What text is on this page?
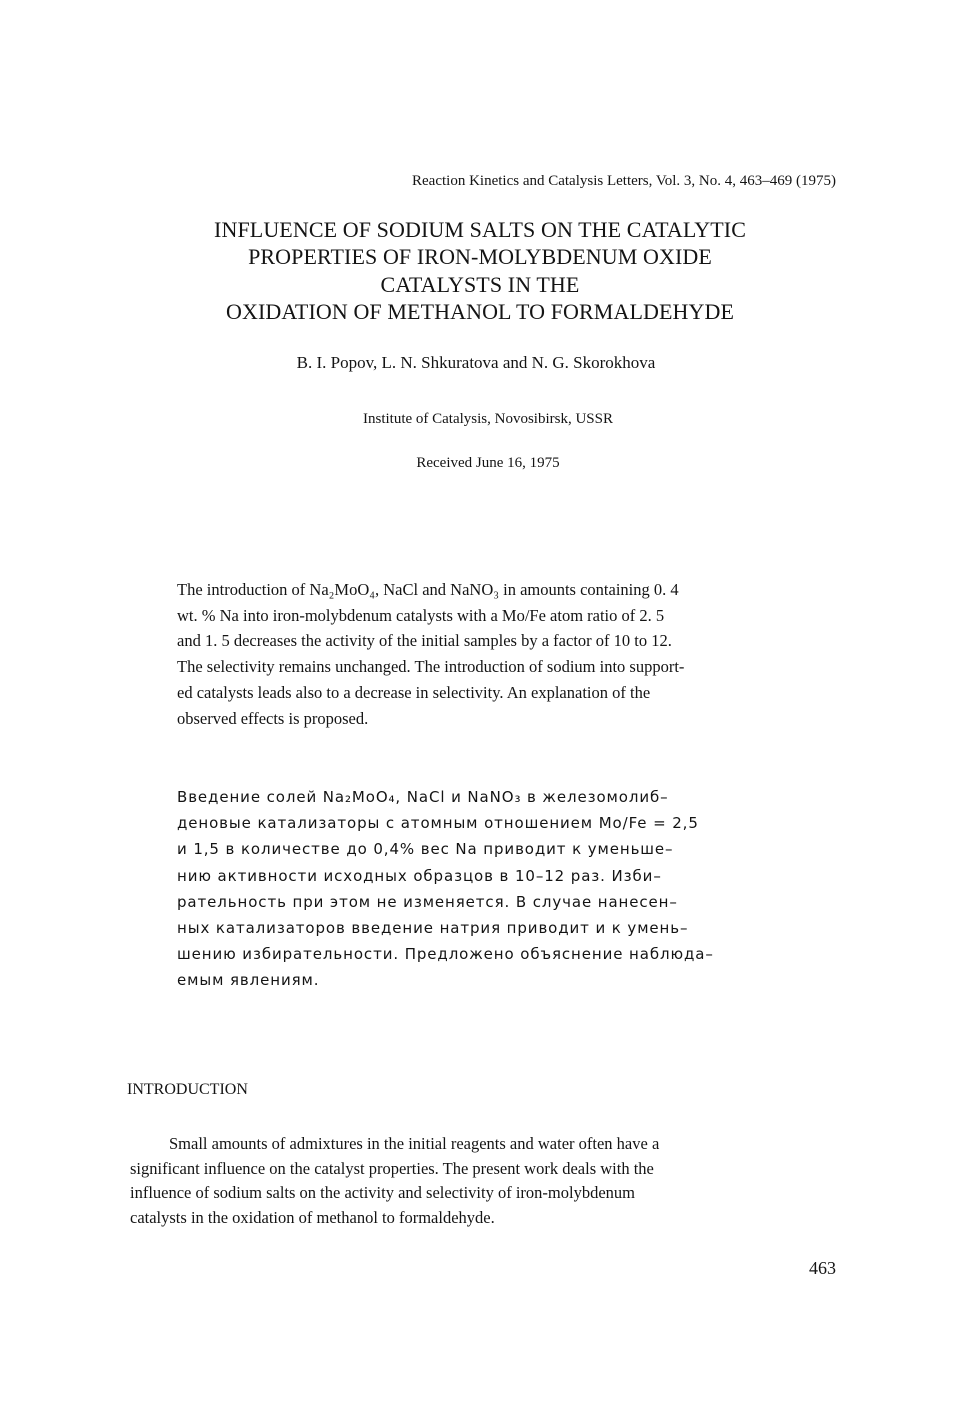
Reaction Kinetics and Catalysis Letters, Vol. 3, No. 4, 463–469 (1975)
INFLUENCE OF SODIUM SALTS ON THE CATALYTIC
PROPERTIES OF IRON-MOLYBDENUM OXIDE
CATALYSTS IN THE
OXIDATION OF METHANOL TO FORMALDEHYDE
B. I. Popov, L. N. Shkuratova and N. G. Skorokhova
Institute of Catalysis, Novosibirsk, USSR
Received June 16, 1975

The introduction of Na₂MoO₄, NaCl and NaNO₃ in amounts containing 0. 4
wt. % Na into iron-molybdenum catalysts with a Mo/Fe atom ratio of 2. 5
and 1. 5 decreases the activity of the initial samples by a factor of 10 to 12.
The selectivity remains unchanged. The introduction of sodium into support-
ed catalysts leads also to a decrease in selectivity. An explanation of the
observed effects is proposed.

Введение солей Na₂MoO₄, NaCl и NaNO₃ в железомолиб–
деновые катализаторы с атомным отношением Mo/Fe = 2,5
и 1,5 в количестве до 0,4% вес Na приводит к уменьше–
нию активности исходных образцов в 10–12 раз. Изби–
рательность при этом не изменяется. В случае нанесен–
ных катализаторов введение натрия приводит и к умень–
шению избирательности. Предложено объяснение наблюда–
емым явлениям.

INTRODUCTION

Small amounts of admixtures in the initial reagents and water often have a
significant influence on the catalyst properties. The present work deals with the
influence of sodium salts on the activity and selectivity of iron-molybdenum
catalysts in the oxidation of methanol to formaldehyde.

463
